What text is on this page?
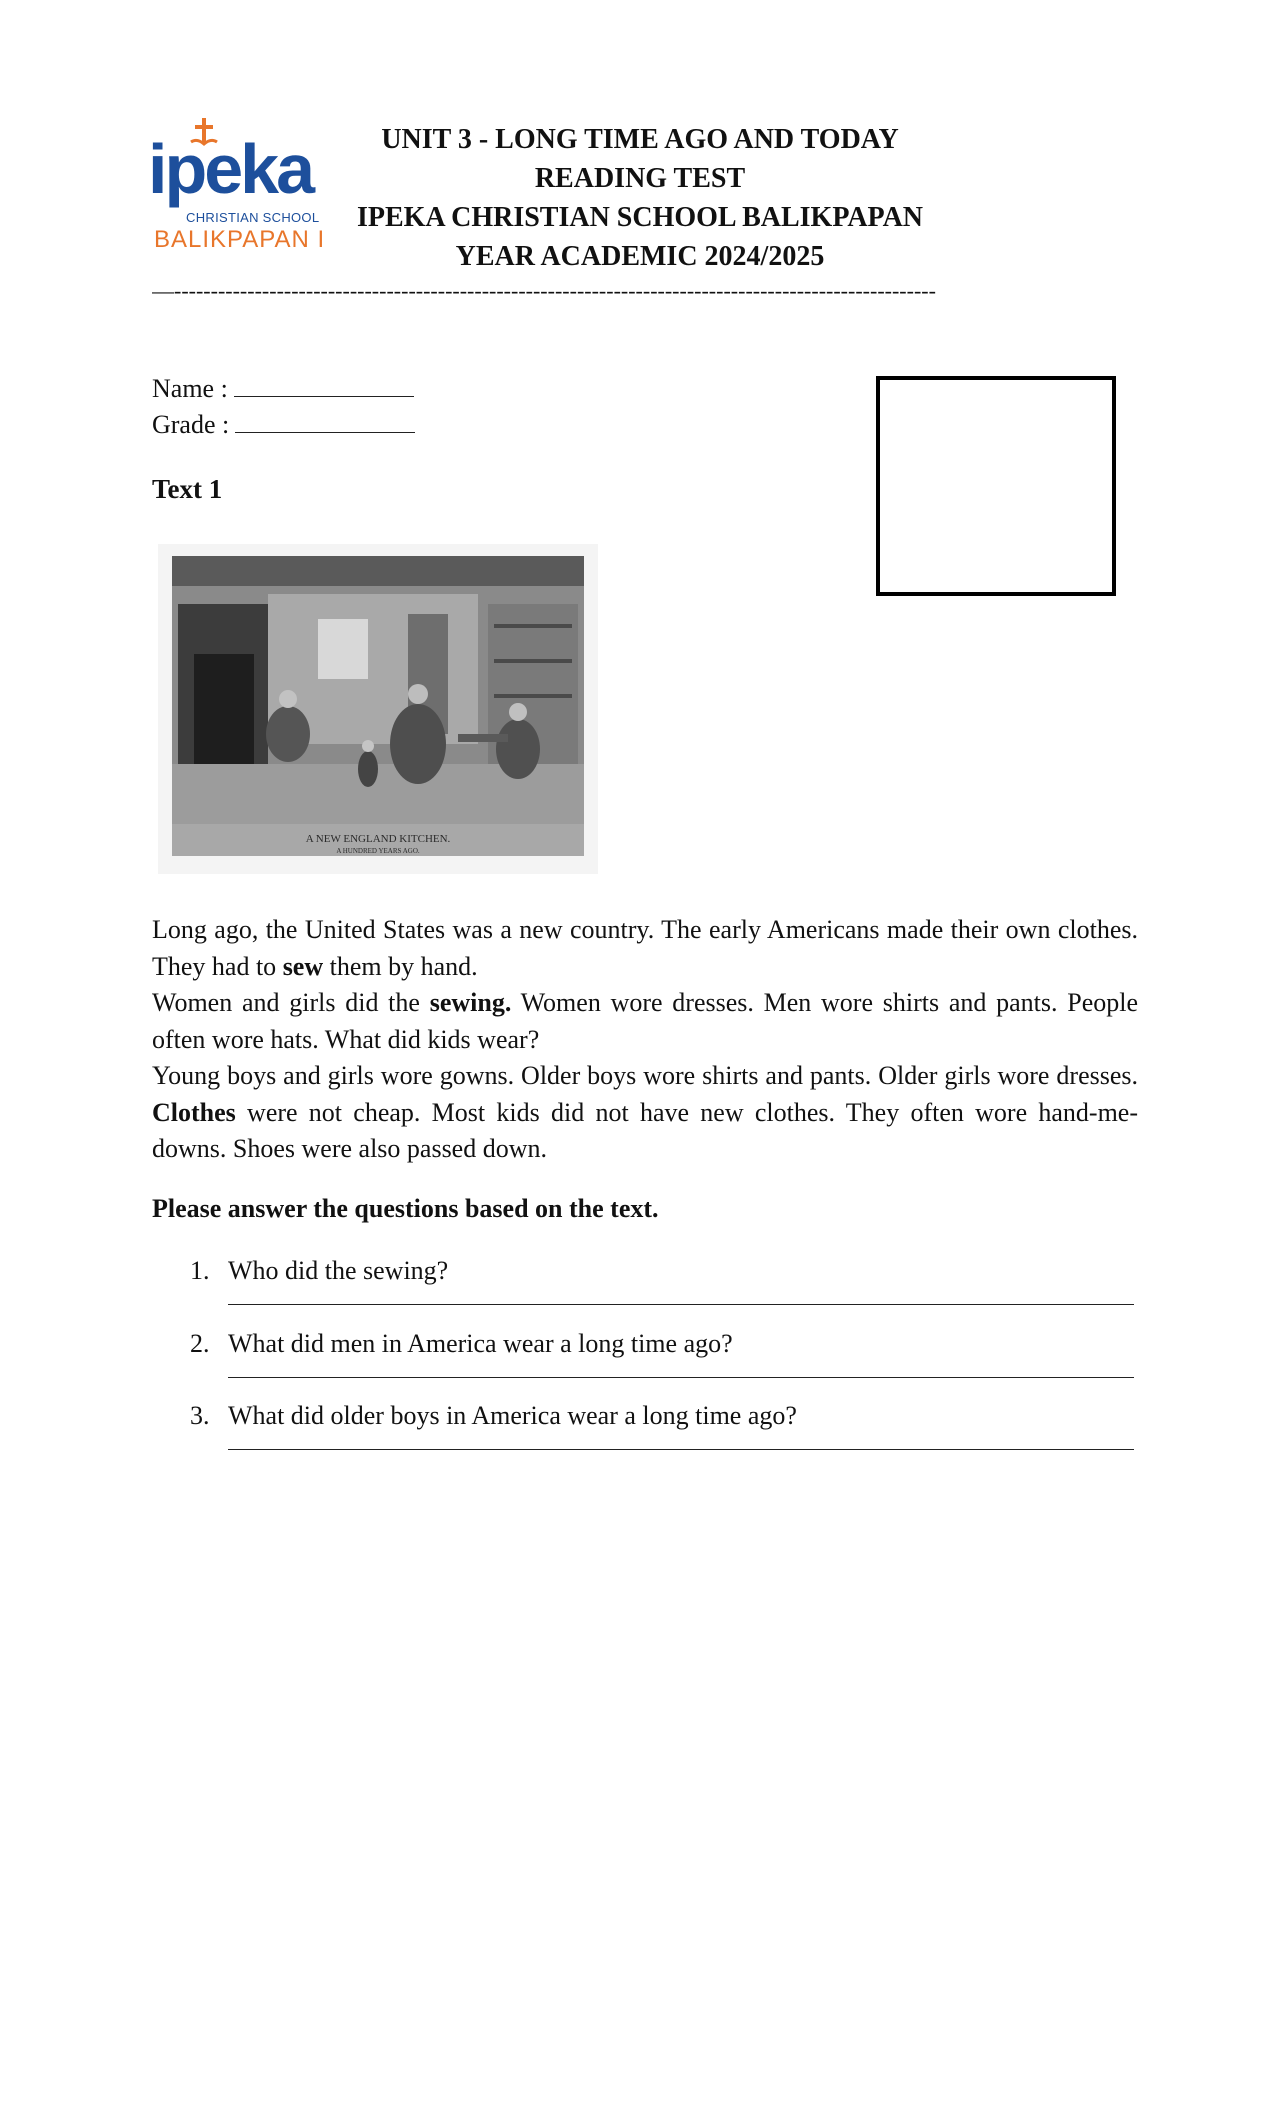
ipeka
CHRISTIAN SCHOOL
BALIKPAPAN I
UNIT 3 - LONG TIME AGO AND TODAY
READING TEST
IPEKA CHRISTIAN SCHOOL BALIKPAPAN
YEAR ACADEMIC 2024/2025
—--------------------------------------------------------------------------------------------------------
Name :
Grade :
Text 1
A NEW ENGLAND KITCHEN.
A HUNDRED YEARS AGO.

Long ago, the United States was a new country. The early Americans made their own clothes. They had to sew them by hand.

Women and girls did the sewing. Women wore dresses. Men wore shirts and pants. People often wore hats. What did kids wear?

Young boys and girls wore gowns. Older boys wore shirts and pants. Older girls wore dresses. Clothes were not cheap. Most kids did not have new clothes. They often wore hand-me-downs. Shoes were also passed down.

Please answer the questions based on the text.
1. Who did the sewing?
2. What did men in America wear a long time ago?
3. What did older boys in America wear a long time ago?
